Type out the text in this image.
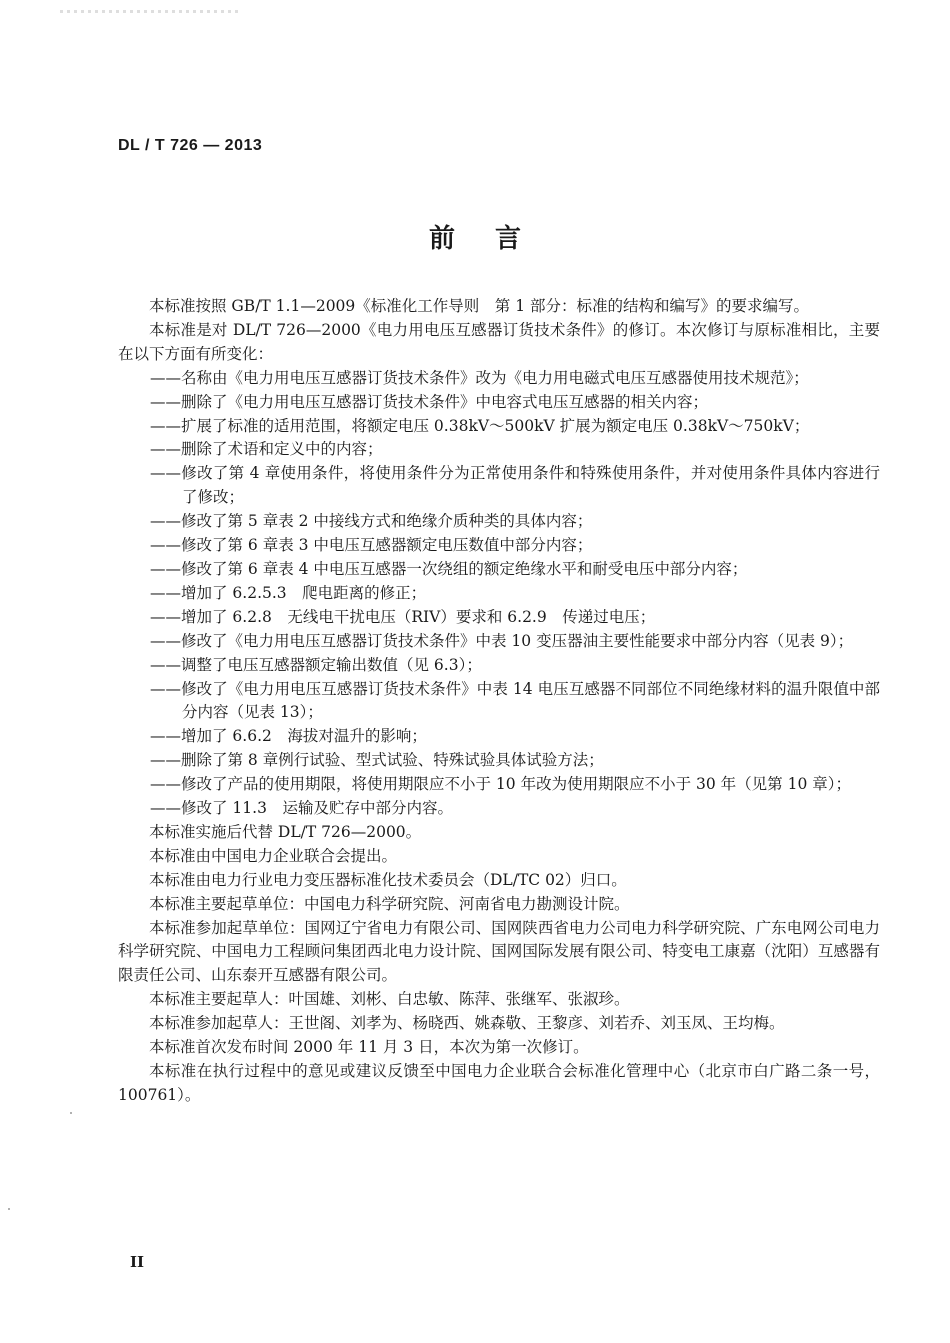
DL / T 726 — 2013
前 言

本标准按照 GB/T 1.1—2009《标准化工作导则　第 1 部分：标准的结构和编写》的要求编写。

本标准是对 DL/T 726—2000《电力用电压互感器订货技术条件》的修订。本次修订与原标准相比，主要在以下方面有所变化：

——名称由《电力用电压互感器订货技术条件》改为《电力用电磁式电压互感器使用技术规范》；

——删除了《电力用电压互感器订货技术条件》中电容式电压互感器的相关内容；

——扩展了标准的适用范围，将额定电压 0.38kV～500kV 扩展为额定电压 0.38kV～750kV；

——删除了术语和定义中的内容；

——修改了第 4 章使用条件，将使用条件分为正常使用条件和特殊使用条件，并对使用条件具体内容进行了修改；

——修改了第 5 章表 2 中接线方式和绝缘介质种类的具体内容；

——修改了第 6 章表 3 中电压互感器额定电压数值中部分内容；

——修改了第 6 章表 4 中电压互感器一次绕组的额定绝缘水平和耐受电压中部分内容；

——增加了 6.2.5.3　爬电距离的修正；

——增加了 6.2.8　无线电干扰电压（RIV）要求和 6.2.9　传递过电压；

——修改了《电力用电压互感器订货技术条件》中表 10 变压器油主要性能要求中部分内容（见表 9）；

——调整了电压互感器额定输出数值（见 6.3）；

——修改了《电力用电压互感器订货技术条件》中表 14 电压互感器不同部位不同绝缘材料的温升限值中部分内容（见表 13）；

——增加了 6.6.2　海拔对温升的影响；

——删除了第 8 章例行试验、型式试验、特殊试验具体试验方法；

——修改了产品的使用期限，将使用期限应不小于 10 年改为使用期限应不小于 30 年（见第 10 章）；

——修改了 11.3　运输及贮存中部分内容。

本标准实施后代替 DL/T 726—2000。

本标准由中国电力企业联合会提出。

本标准由电力行业电力变压器标准化技术委员会（DL/TC 02）归口。

本标准主要起草单位：中国电力科学研究院、河南省电力勘测设计院。

本标准参加起草单位：国网辽宁省电力有限公司、国网陕西省电力公司电力科学研究院、广东电网公司电力科学研究院、中国电力工程顾问集团西北电力设计院、国网国际发展有限公司、特变电工康嘉（沈阳）互感器有限责任公司、山东泰开互感器有限公司。

本标准主要起草人：叶国雄、刘彬、白忠敏、陈萍、张继军、张淑珍。

本标准参加起草人：王世阁、刘孝为、杨晓西、姚森敬、王黎彦、刘若乔、刘玉凤、王均梅。

本标准首次发布时间 2000 年 11 月 3 日，本次为第一次修订。

本标准在执行过程中的意见或建议反馈至中国电力企业联合会标准化管理中心（北京市白广路二条一号，100761）。

II
